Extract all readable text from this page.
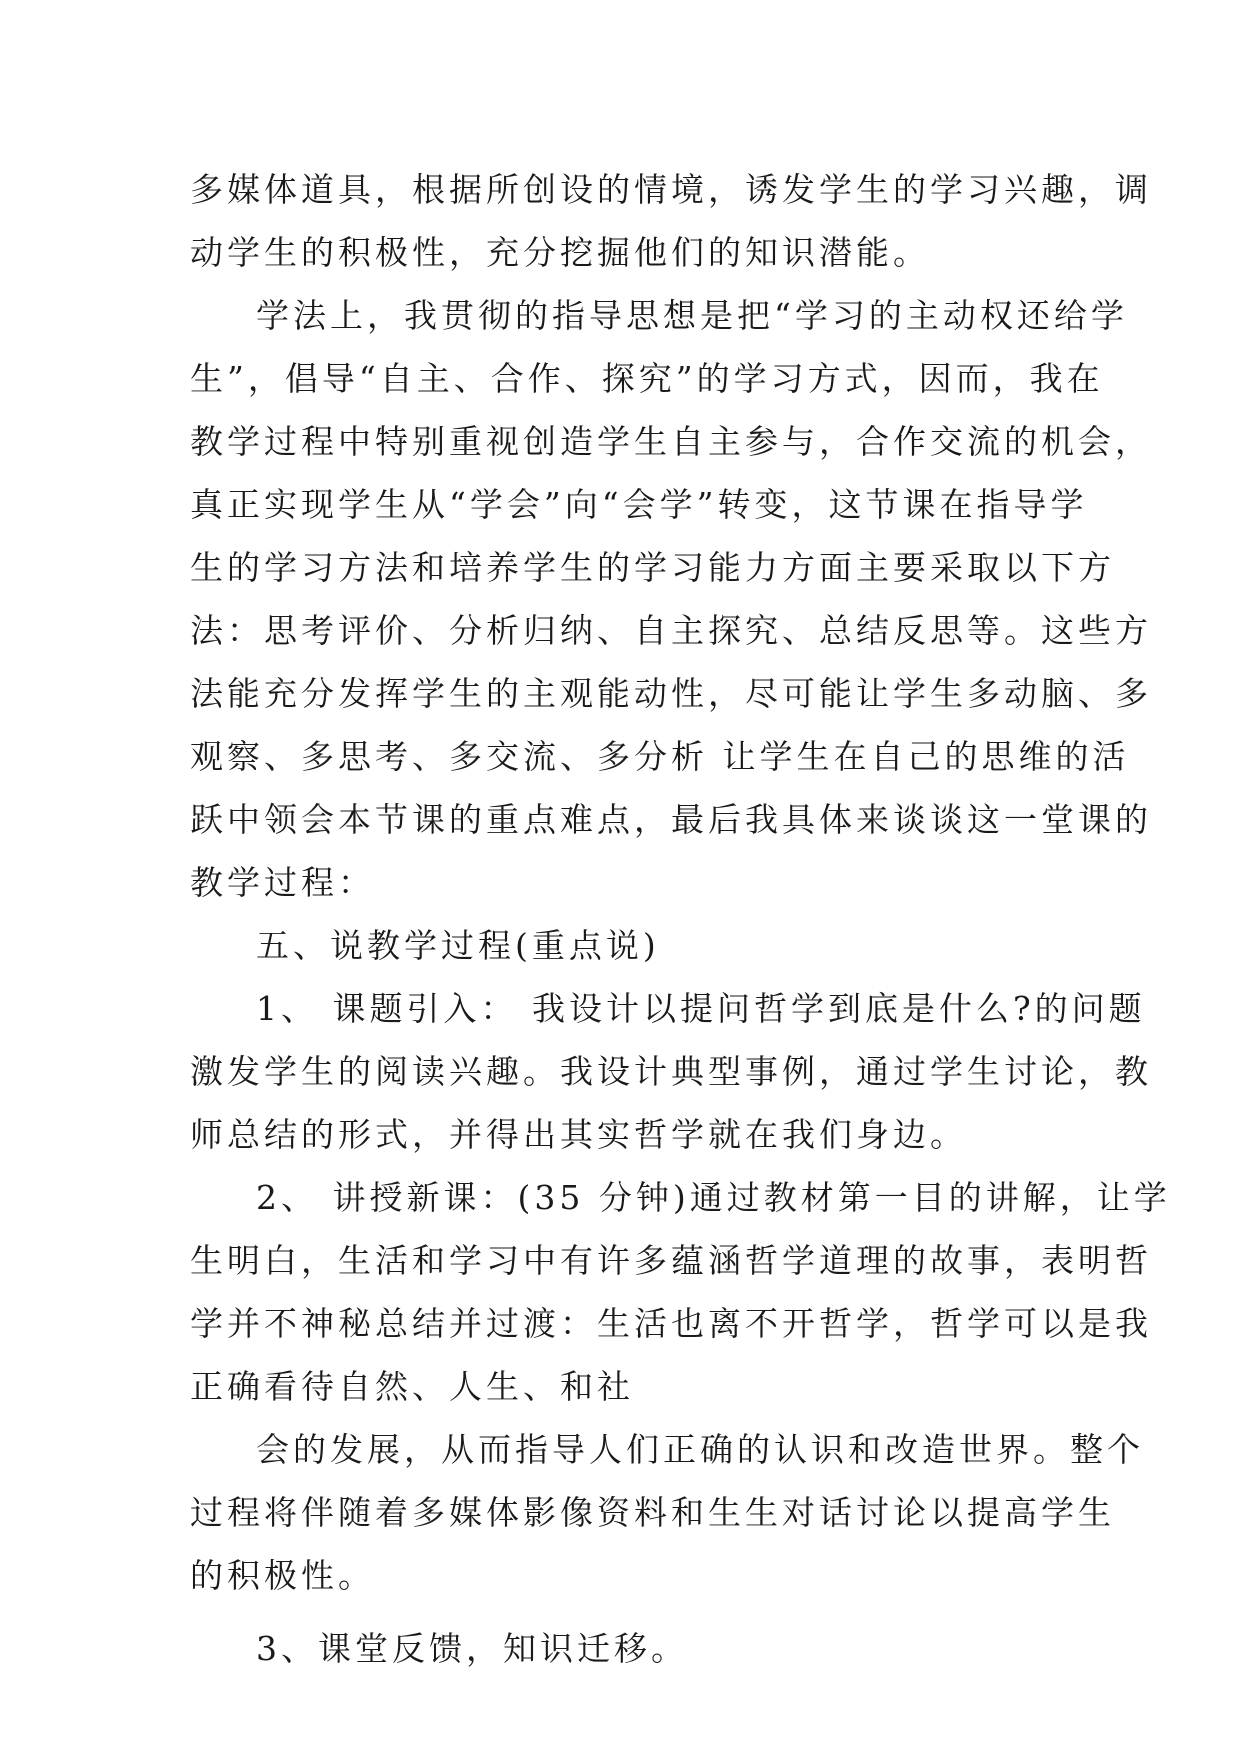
多媒体道具，根据所创设的情境，诱发学生的学习兴趣，调
动学生的积极性，充分挖掘他们的知识潜能。
学法上，我贯彻的指导思想是把“学习的主动权还给学
生”，倡导“自主、合作、探究”的学习方式，因而，我在
教学过程中特别重视创造学生自主参与，合作交流的机会，
真正实现学生从“学会”向“会学”转变，这节课在指导学
生的学习方法和培养学生的学习能力方面主要采取以下方
法：思考评价、分析归纳、自主探究、总结反思等。这些方
法能充分发挥学生的主观能动性，尽可能让学生多动脑、多
观察、多思考、多交流、多分析 让学生在自己的思维的活
跃中领会本节课的重点难点，最后我具体来谈谈这一堂课的
教学过程：
五、说教学过程(重点说)
1、 课题引入： 我设计以提问哲学到底是什么?的问题
激发学生的阅读兴趣。我设计典型事例，通过学生讨论，教
师总结的形式，并得出其实哲学就在我们身边。
2、 讲授新课：(35 分钟)通过教材第一目的讲解，让学
生明白，生活和学习中有许多蕴涵哲学道理的故事，表明哲
学并不神秘总结并过渡：生活也离不开哲学，哲学可以是我
正确看待自然、人生、和社
会的发展，从而指导人们正确的认识和改造世界。整个
过程将伴随着多媒体影像资料和生生对话讨论以提高学生
的积极性。
3、课堂反馈，知识迁移。
